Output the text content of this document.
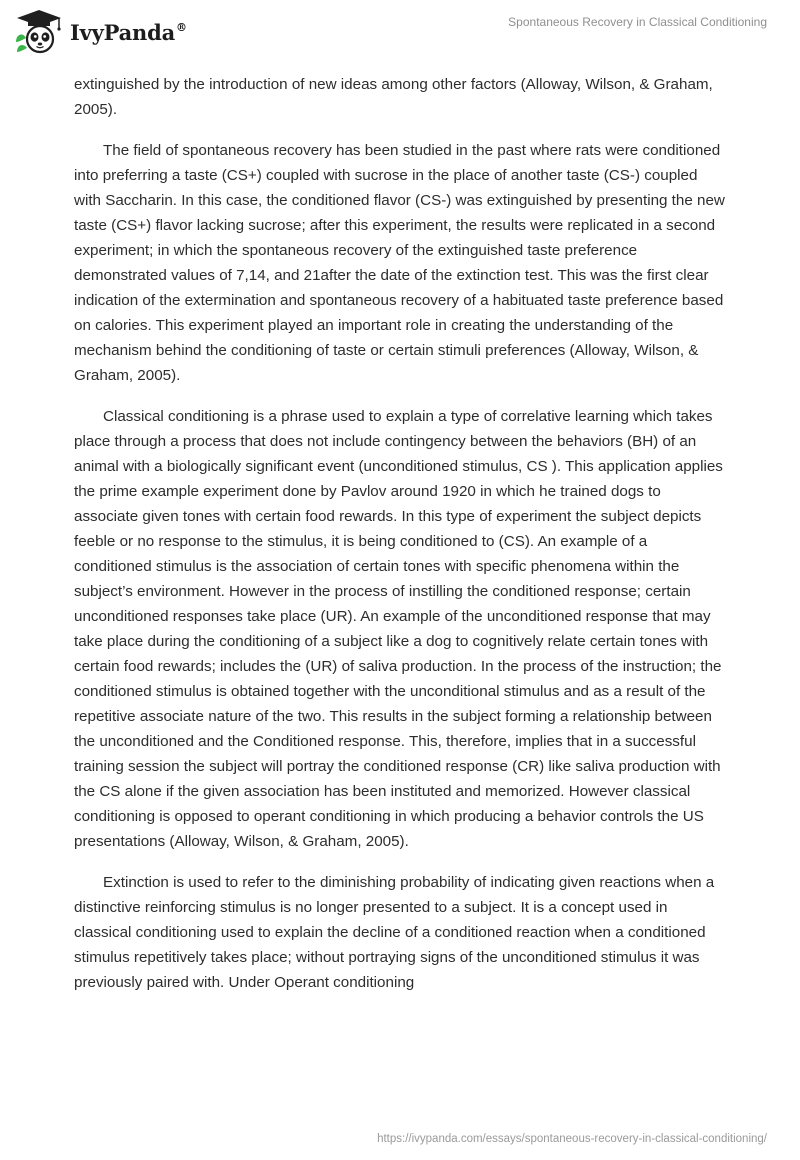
IvyPanda®	Spontaneous Recovery in Classical Conditioning

extinguished by the introduction of new ideas among other factors (Alloway, Wilson, & Graham, 2005).

The field of spontaneous recovery has been studied in the past where rats were conditioned into preferring a taste (CS+) coupled with sucrose in the place of another taste (CS-) coupled with Saccharin. In this case, the conditioned flavor (CS-) was extinguished by presenting the new taste (CS+) flavor lacking sucrose; after this experiment, the results were replicated in a second experiment; in which the spontaneous recovery of the extinguished taste preference demonstrated values of 7,14, and 21after the date of the extinction test. This was the first clear indication of the extermination and spontaneous recovery of a habituated taste preference based on calories. This experiment played an important role in creating the understanding of the mechanism behind the conditioning of taste or certain stimuli preferences (Alloway, Wilson, & Graham, 2005).

Classical conditioning is a phrase used to explain a type of correlative learning which takes place through a process that does not include contingency between the behaviors (BH) of an animal with a biologically significant event (unconditioned stimulus, CS ). This application applies the prime example experiment done by Pavlov around 1920 in which he trained dogs to associate given tones with certain food rewards. In this type of experiment the subject depicts feeble or no response to the stimulus, it is being conditioned to (CS). An example of a conditioned stimulus is the association of certain tones with specific phenomena within the subject’s environment. However in the process of instilling the conditioned response; certain unconditioned responses take place (UR). An example of the unconditioned response that may take place during the conditioning of a subject like a dog to cognitively relate certain tones with certain food rewards; includes the (UR) of saliva production. In the process of the instruction; the conditioned stimulus is obtained together with the unconditional stimulus and as a result of the repetitive associate nature of the two. This results in the subject forming a relationship between the unconditioned and the Conditioned response. This, therefore, implies that in a successful training session the subject will portray the conditioned response (CR) like saliva production with the CS alone if the given association has been instituted and memorized. However classical conditioning is opposed to operant conditioning in which producing a behavior controls the US presentations (Alloway, Wilson, & Graham, 2005).

Extinction is used to refer to the diminishing probability of indicating given reactions when a distinctive reinforcing stimulus is no longer presented to a subject. It is a concept used in classical conditioning used to explain the decline of a conditioned reaction when a conditioned stimulus repetitively takes place; without portraying signs of the unconditioned stimulus it was previously paired with. Under Operant conditioning

https://ivypanda.com/essays/spontaneous-recovery-in-classical-conditioning/
